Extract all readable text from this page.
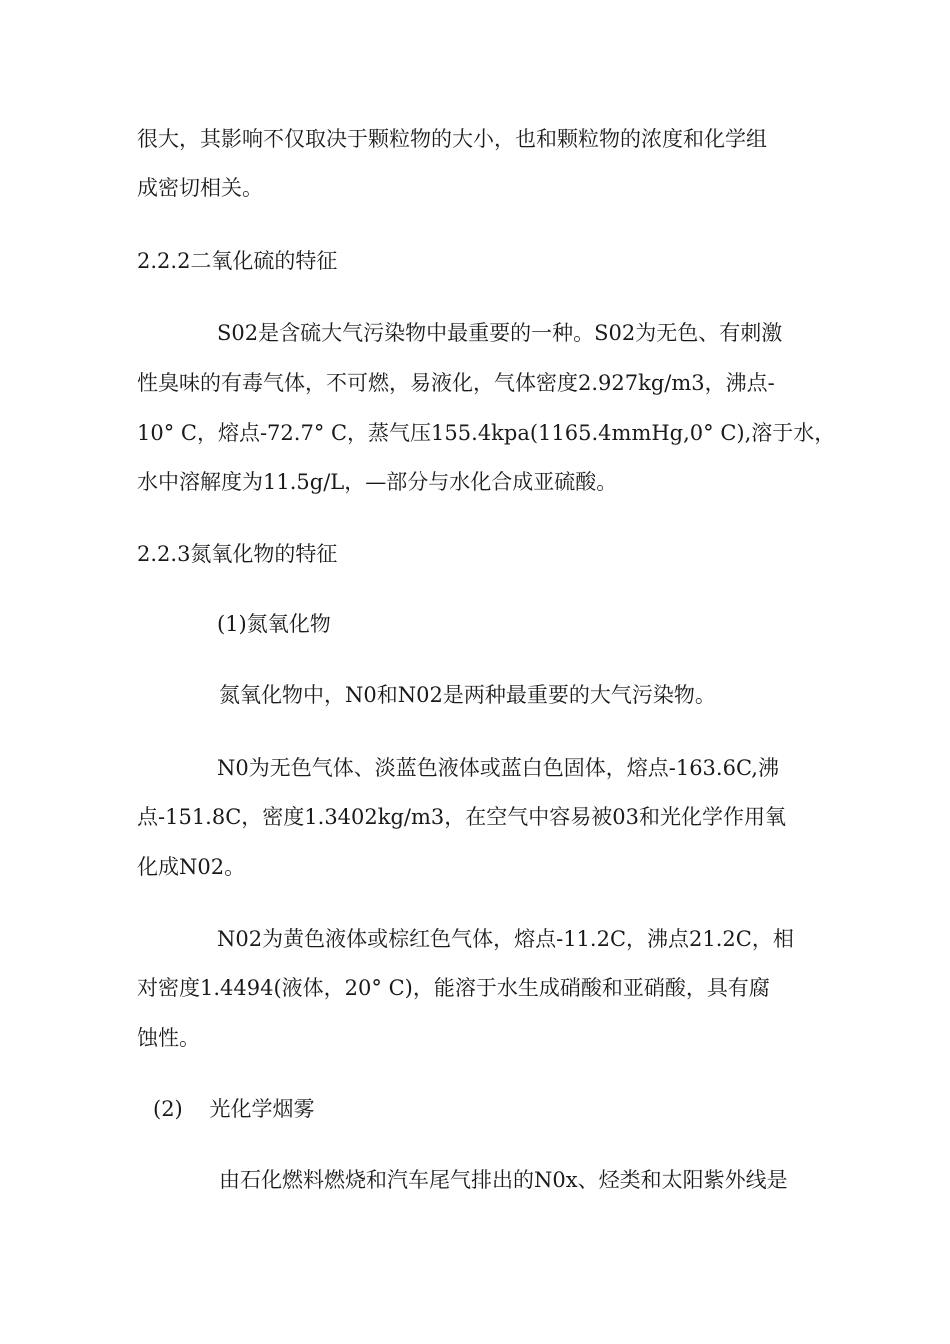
很大，其影响不仅取决于颗粒物的大小，也和颗粒物的浓度和化学组
成密切相关。
2.2.2二氧化硫的特征
S02是含硫大气污染物中最重要的一种。S02为无色、有刺激
性臭味的有毒气体，不可燃，易液化，气体密度2.927kg/m3，沸点-
10° C，熔点-72.7° C，蒸气压155.4kpa(1165.4mmHg,0° C),溶于水，
水中溶解度为11.5g/L，—部分与水化合成亚硫酸。
2.2.3氮氧化物的特征
(1)氮氧化物
氮氧化物中，N0和N02是两种最重要的大气污染物。
N0为无色气体、淡蓝色液体或蓝白色固体，熔点-163.6C,沸
点-151.8C，密度1.3402kg/m3，在空气中容易被03和光化学作用氧
化成N02。
N02为黄色液体或棕红色气体，熔点-11.2C，沸点21.2C，相
对密度1.4494(液体，20° C)，能溶于水生成硝酸和亚硝酸，具有腐
蚀性。
(2)    光化学烟雾
由石化燃料燃烧和汽车尾气排出的N0x、烃类和太阳紫外线是
